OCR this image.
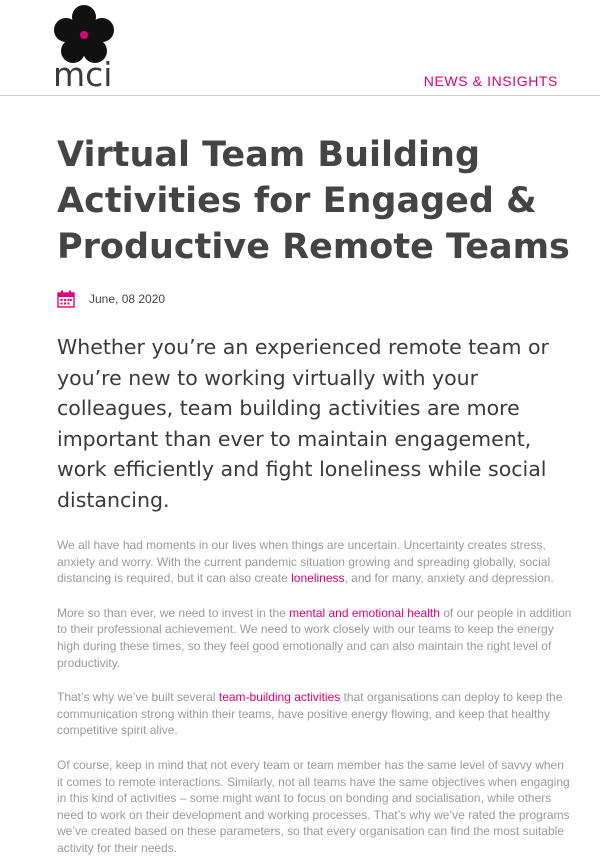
mci	NEWS & INSIGHTS
Virtual Team Building Activities for Engaged & Productive Remote Teams
June, 08 2020

Whether you’re an experienced remote team or you’re new to working virtually with your colleagues, team building activities are more important than ever to maintain engagement, work efficiently and fight loneliness while social distancing.

We all have had moments in our lives when things are uncertain. Uncertainty creates stress, anxiety and worry. With the current pandemic situation growing and spreading globally, social distancing is required, but it can also create loneliness, and for many, anxiety and depression.

More so than ever, we need to invest in the mental and emotional health of our people in addition to their professional achievement. We need to work closely with our teams to keep the energy high during these times, so they feel good emotionally and can also maintain the right level of productivity.

That’s why we’ve built several team-building activities that organisations can deploy to keep the communication strong within their teams, have positive energy flowing, and keep that healthy competitive spirit alive.

Of course, keep in mind that not every team or team member has the same level of savvy when it comes to remote interactions. Similarly, not all teams have the same objectives when engaging in this kind of activities – some might want to focus on bonding and socialisation, while others need to work on their development and working processes. That’s why we’ve rated the programs we’ve created based on these parameters, so that every organisation can find the most suitable activity for their needs.
